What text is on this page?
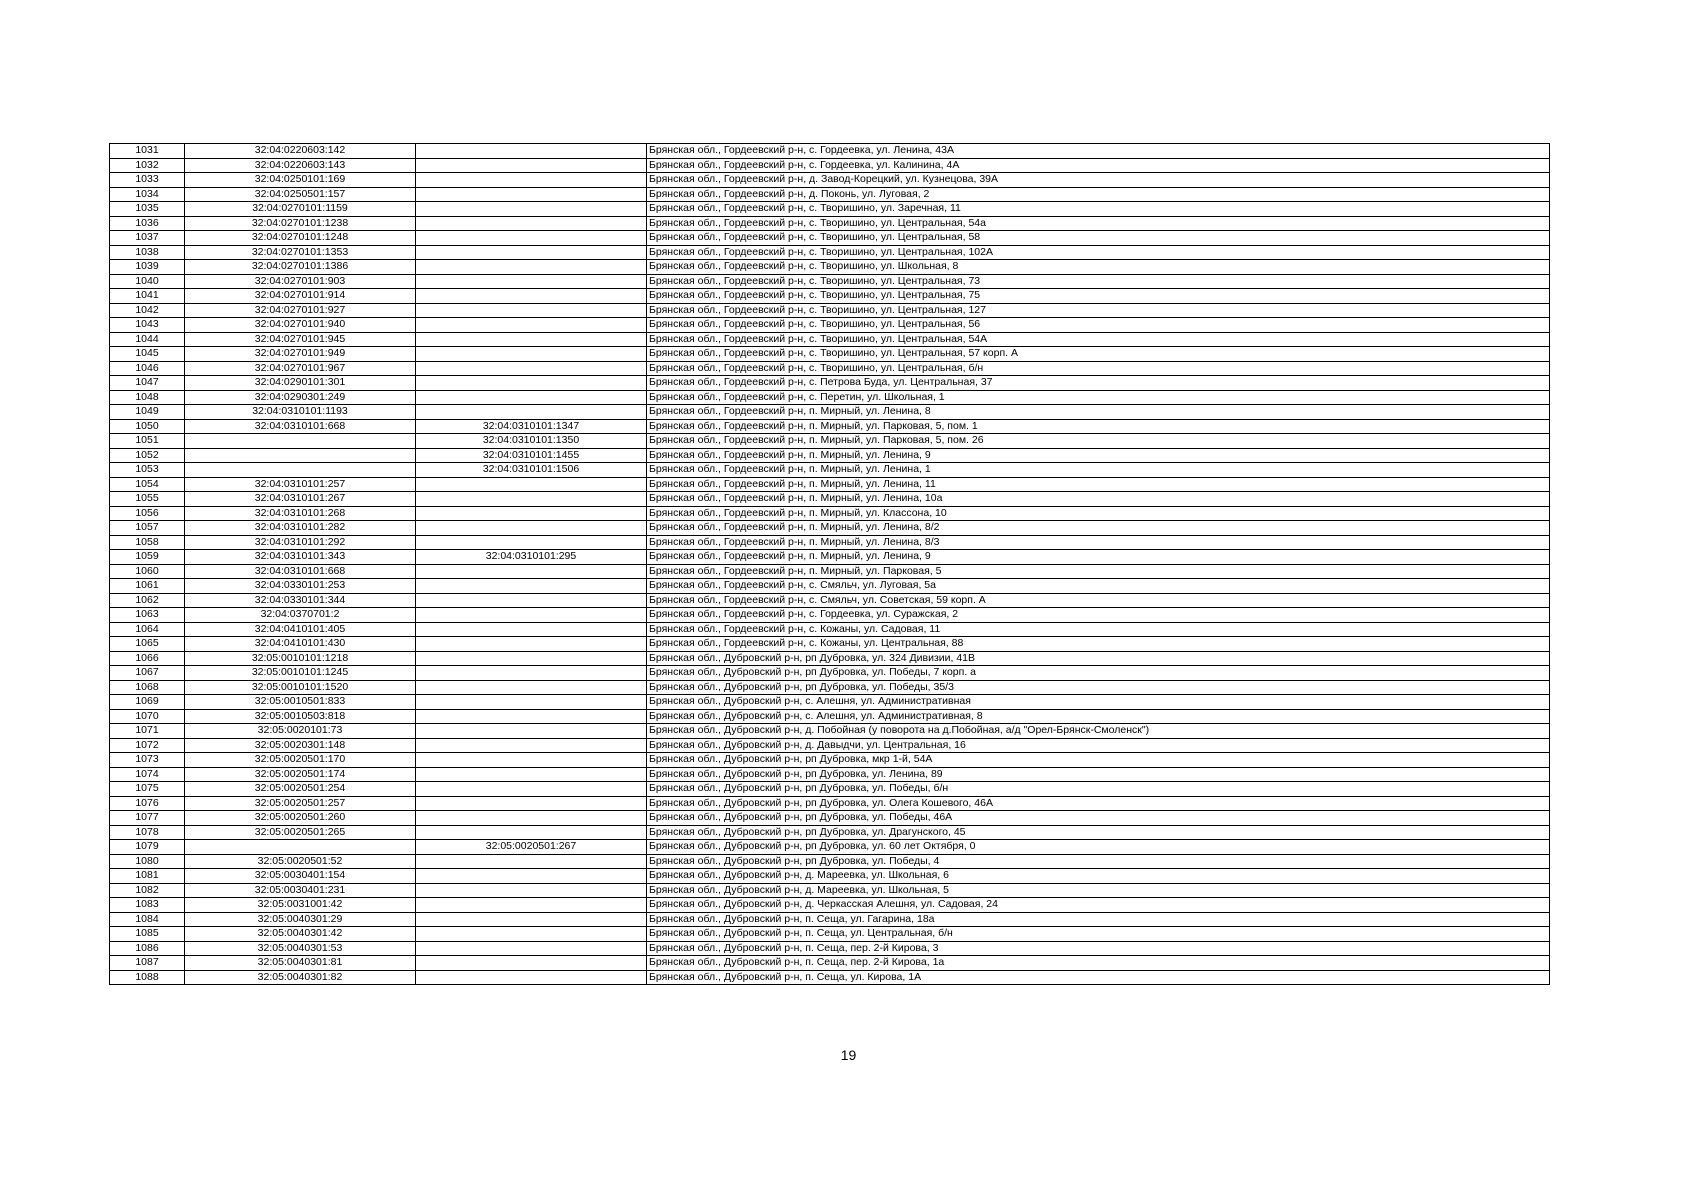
1031	32:04:0220603:142		Брянская обл., Гордеевский р-н, с. Гордеевка, ул. Ленина, 43А
1032	32:04:0220603:143		Брянская обл., Гордеевский р-н, с. Гордеевка, ул. Калинина, 4А
1033	32:04:0250101:169		Брянская обл., Гордеевский р-н, д. Завод-Корецкий, ул. Кузнецова, 39А
1034	32:04:0250501:157		Брянская обл., Гордеевский р-н, д. Поконь, ул. Луговая, 2
1035	32:04:0270101:1159		Брянская обл., Гордеевский р-н, с. Творишино, ул. Заречная, 11
1036	32:04:0270101:1238		Брянская обл., Гордеевский р-н, с. Творишино, ул. Центральная, 54а
1037	32:04:0270101:1248		Брянская обл., Гордеевский р-н, с. Творишино, ул. Центральная, 58
1038	32:04:0270101:1353		Брянская обл., Гордеевский р-н, с. Творишино, ул. Центральная, 102А
1039	32:04:0270101:1386		Брянская обл., Гордеевский р-н, с. Творишино, ул. Школьная, 8
1040	32:04:0270101:903		Брянская обл., Гордеевский р-н, с. Творишино, ул. Центральная, 73
1041	32:04:0270101:914		Брянская обл., Гордеевский р-н, с. Творишино, ул. Центральная, 75
1042	32:04:0270101:927		Брянская обл., Гордеевский р-н, с. Творишино, ул. Центральная, 127
1043	32:04:0270101:940		Брянская обл., Гордеевский р-н, с. Творишино, ул. Центральная, 56
1044	32:04:0270101:945		Брянская обл., Гордеевский р-н, с. Творишино, ул. Центральная, 54А
1045	32:04:0270101:949		Брянская обл., Гордеевский р-н, с. Творишино, ул. Центральная, 57 корп. А
1046	32:04:0270101:967		Брянская обл., Гордеевский р-н, с. Творишино, ул. Центральная, б/н
1047	32:04:0290101:301		Брянская обл., Гордеевский р-н, с. Петрова Буда, ул. Центральная, 37
1048	32:04:0290301:249		Брянская обл., Гордеевский р-н, с. Перетин, ул. Школьная, 1
1049	32:04:0310101:1193		Брянская обл., Гордеевский р-н, п. Мирный, ул. Ленина, 8
1050	32:04:0310101:668	32:04:0310101:1347	Брянская обл., Гордеевский р-н, п. Мирный, ул. Парковая, 5, пом. 1
1051		32:04:0310101:1350	Брянская обл., Гордеевский р-н, п. Мирный, ул. Парковая, 5, пом. 26
1052		32:04:0310101:1455	Брянская обл., Гордеевский р-н, п. Мирный, ул. Ленина, 9
1053		32:04:0310101:1506	Брянская обл., Гордеевский р-н, п. Мирный, ул. Ленина, 1
1054	32:04:0310101:257		Брянская обл., Гордеевский р-н, п. Мирный, ул. Ленина, 11
1055	32:04:0310101:267		Брянская обл., Гордеевский р-н, п. Мирный, ул. Ленина, 10а
1056	32:04:0310101:268		Брянская обл., Гордеевский р-н, п. Мирный, ул. Классона, 10
1057	32:04:0310101:282		Брянская обл., Гордеевский р-н, п. Мирный, ул. Ленина, 8/2
1058	32:04:0310101:292		Брянская обл., Гордеевский р-н, п. Мирный, ул. Ленина, 8/3
1059	32:04:0310101:343	32:04:0310101:295	Брянская обл., Гордеевский р-н, п. Мирный, ул. Ленина, 9
1060	32:04:0310101:668		Брянская обл., Гордеевский р-н, п. Мирный, ул. Парковая, 5
1061	32:04:0330101:253		Брянская обл., Гордеевский р-н, с. Смяльч, ул. Луговая, 5а
1062	32:04:0330101:344		Брянская обл., Гордеевский р-н, с. Смяльч, ул. Советская, 59 корп. А
1063	32:04:0370701:2		Брянская обл., Гордеевский р-н, с. Гордеевка, ул. Суражская, 2
1064	32:04:0410101:405		Брянская обл., Гордеевский р-н, с. Кожаны, ул. Садовая, 11
1065	32:04:0410101:430		Брянская обл., Гордеевский р-н, с. Кожаны, ул. Центральная, 88
1066	32:05:0010101:1218		Брянская обл., Дубровский р-н, рп Дубровка, ул. 324 Дивизии, 41В
1067	32:05:0010101:1245		Брянская обл., Дубровский р-н, рп Дубровка, ул. Победы, 7 корп. а
1068	32:05:0010101:1520		Брянская обл., Дубровский р-н, рп Дубровка, ул. Победы, 35/3
1069	32:05:0010501:833		Брянская обл., Дубровский р-н, с. Алешня, ул. Административная
1070	32:05:0010503:818		Брянская обл., Дубровский р-н, с. Алешня, ул. Административная, 8
1071	32:05:0020101:73		Брянская обл., Дубровский р-н, д. Побойная (у поворота на д.Побойная, а/д "Орел-Брянск-Смоленск")
1072	32:05:0020301:148		Брянская обл., Дубровский р-н, д. Давыдчи, ул. Центральная, 16
1073	32:05:0020501:170		Брянская обл., Дубровский р-н, рп Дубровка, мкр 1-й, 54А
1074	32:05:0020501:174		Брянская обл., Дубровский р-н, рп Дубровка, ул. Ленина, 89
1075	32:05:0020501:254		Брянская обл., Дубровский р-н, рп Дубровка, ул. Победы, б/н
1076	32:05:0020501:257		Брянская обл., Дубровский р-н, рп Дубровка, ул. Олега Кошевого, 46А
1077	32:05:0020501:260		Брянская обл., Дубровский р-н, рп Дубровка, ул. Победы, 46А
1078	32:05:0020501:265		Брянская обл., Дубровский р-н, рп Дубровка, ул. Драгунского, 45
1079		32:05:0020501:267	Брянская обл., Дубровский р-н, рп Дубровка, ул. 60 лет Октября, 0
1080	32:05:0020501:52		Брянская обл., Дубровский р-н, рп Дубровка, ул. Победы, 4
1081	32:05:0030401:154		Брянская обл., Дубровский р-н, д. Мареевка, ул. Школьная, 6
1082	32:05:0030401:231		Брянская обл., Дубровский р-н, д. Мареевка, ул. Школьная, 5
1083	32:05:0031001:42		Брянская обл., Дубровский р-н, д. Черкасская Алешня, ул. Садовая, 24
1084	32:05:0040301:29		Брянская обл., Дубровский р-н, п. Сеща, ул. Гагарина, 18а
1085	32:05:0040301:42		Брянская обл., Дубровский р-н, п. Сеща, ул. Центральная, б/н
1086	32:05:0040301:53		Брянская обл., Дубровский р-н, п. Сеща, пер. 2-й Кирова, 3
1087	32:05:0040301:81		Брянская обл., Дубровский р-н, п. Сеща, пер. 2-й Кирова, 1а
1088	32:05:0040301:82		Брянская обл., Дубровский р-н, п. Сеща, ул. Кирова, 1А
19
